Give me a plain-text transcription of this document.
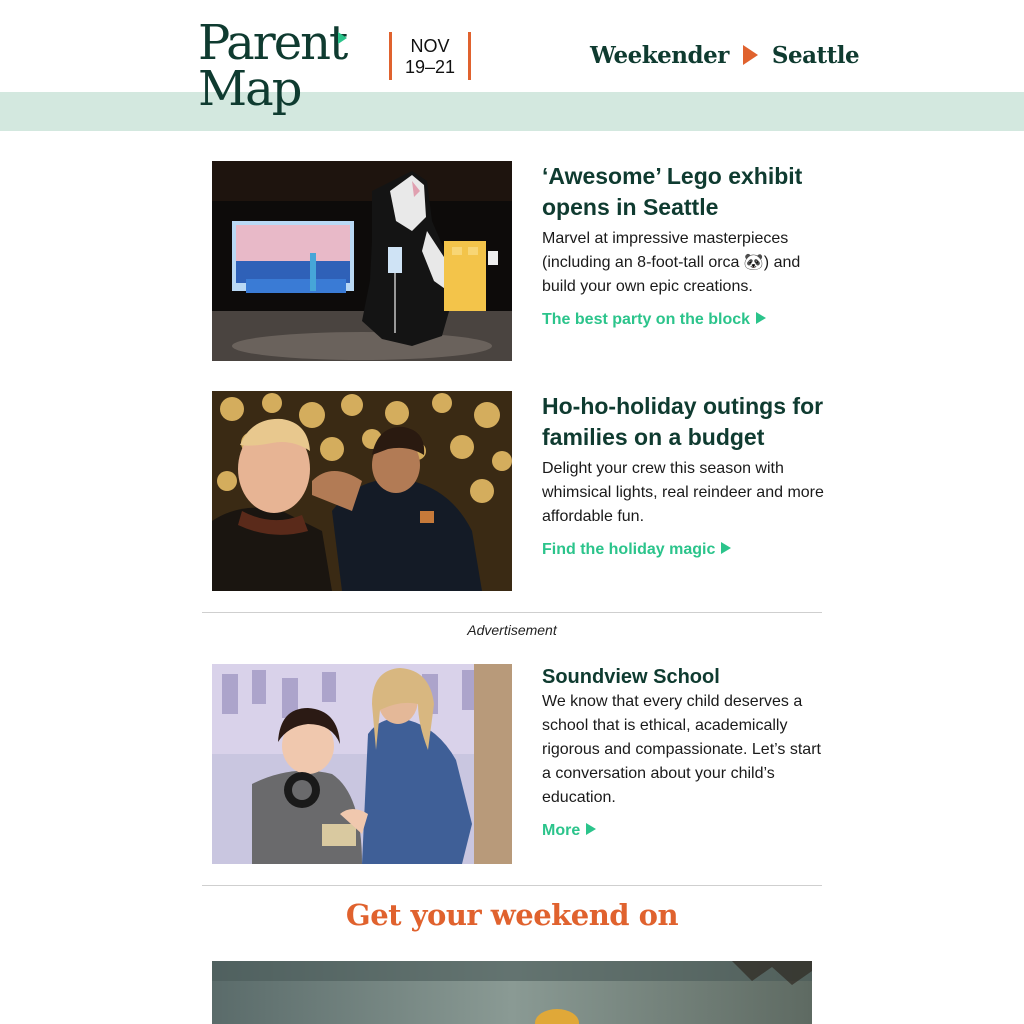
Parent
Map
NOV
19–21	Weekender Seattle
‘Awesome’ Lego exhibit opens in Seattle

Marvel at impressive masterpieces (including an 8-foot-tall orca 🐼) and build your own epic creations.

The best party on the block
Ho-ho-holiday outings for families on a budget

Delight your crew this season with whimsical lights, real reindeer and more affordable fun.

Find the holiday magic
Advertisement
Soundview School

We know that every child deserves a school that is ethical, academically rigorous and compassionate. Let’s start a conversation about your child’s education.

More
Get your weekend on
